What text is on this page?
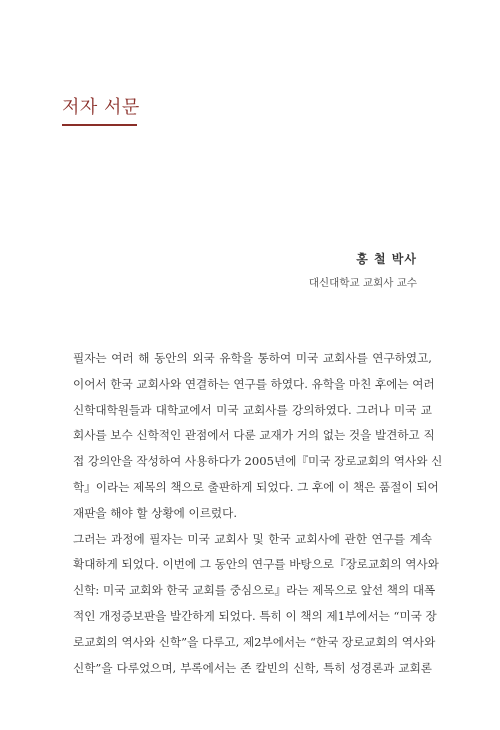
저자 서문

홍 철 박사

대신대학교 교회사 교수

필자는 여러 해 동안의 외국 유학을 통하여 미국 교회사를 연구하였고,
이어서 한국 교회사와 연결하는 연구를 하였다. 유학을 마친 후에는 여러
신학대학원들과 대학교에서 미국 교회사를 강의하였다. 그러나 미국 교
회사를 보수 신학적인 관점에서 다룬 교재가 거의 없는 것을 발견하고 직
접 강의안을 작성하여 사용하다가 2005년에『미국 장로교회의 역사와 신
학』이라는 제목의 책으로 출판하게 되었다. 그 후에 이 책은 품절이 되어
재판을 해야 할 상황에 이르렀다.

그러는 과정에 필자는 미국 교회사 및 한국 교회사에 관한 연구를 계속
확대하게 되었다. 이번에 그 동안의 연구를 바탕으로『장로교회의 역사와
신학: 미국 교회와 한국 교회를 중심으로』라는 제목으로 앞선 책의 대폭
적인 개정증보판을 발간하게 되었다. 특히 이 책의 제1부에서는 “미국 장
로교회의 역사와 신학”을 다루고, 제2부에서는 “한국 장로교회의 역사와
신학”을 다루었으며, 부록에서는 존 칼빈의 신학, 특히 성경론과 교회론
